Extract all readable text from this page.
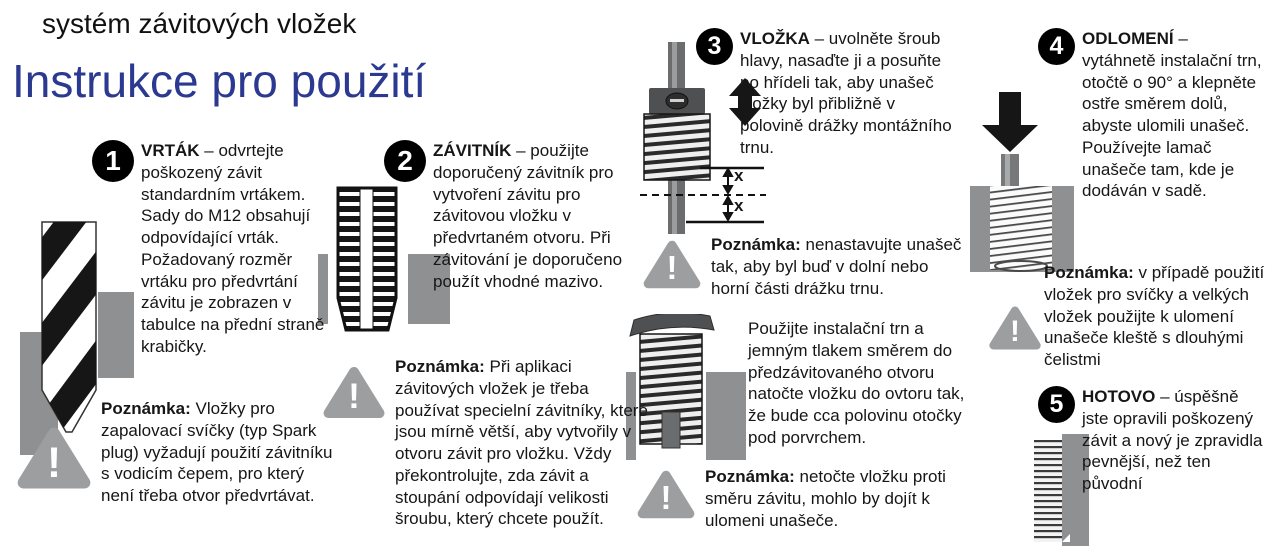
systém závitových vložek
Instrukce pro použití
x
x
1	VRTÁK – odvrtejte poškozený závit standardním vrtákem. Sady do M12 obsahují odpovídající vrták. Požadovaný rozměr vrtáku pro předvrtání závitu je zobrazen v tabulce na přední straně krabičky.

2	ZÁVITNÍK – použijte doporučený závitník pro vytvoření závitu pro závitovou vložku v předvrtaném otvoru. Při závitování je doporučeno použít vhodné mazivo.

3	VLOŽKA – uvolněte šroub hlavy, nasaďte ji a posuňte po hřídeli tak, aby unašeč vložky byl přibližně v polovině drážky montážního trnu.

4	ODLOMENÍ – vytáhnetě instalační trn, otočtě o 90° a klepněte ostře směrem dolů, abyste ulomili unašeč. Používejte lamač unašeče tam, kde je dodáván v sadě.

5	HOTOVO – úspěšně jste opravili poškozený závit a nový je zpravidla pevnější, než ten původní

Poznámka: Vložky pro zapalovací svíčky (typ Spark plug) vyžadují použití závitníku s vodicím čepem, pro který není třeba otvor předvrtávat.

Poznámka: Při aplikaci závitových vložek je třeba používat specielní závitníky, které jsou mírně větší, aby vytvořily v otvoru závit pro vložku. Vždy překontrolujte, zda závit a stoupání odpovídají velikosti šroubu, který chcete použít.

Poznámka: nenastavujte unašeč tak, aby byl buď v dolní nebo horní části drážku trnu.

Použijte instalační trn a jemným tlakem směrem do předzávitovaného otvoru natočte vložku do ovtoru tak, že bude cca polovinu otočky pod porvrchem.

Poznámka: netočte vložku proti směru závitu, mohlo by dojít k ulomeni unašeče.

Poznámka: v případě použití vložek pro svíčky a velkých vložek použijte k ulomení unašeče kleště s dlouhými čelistmi
